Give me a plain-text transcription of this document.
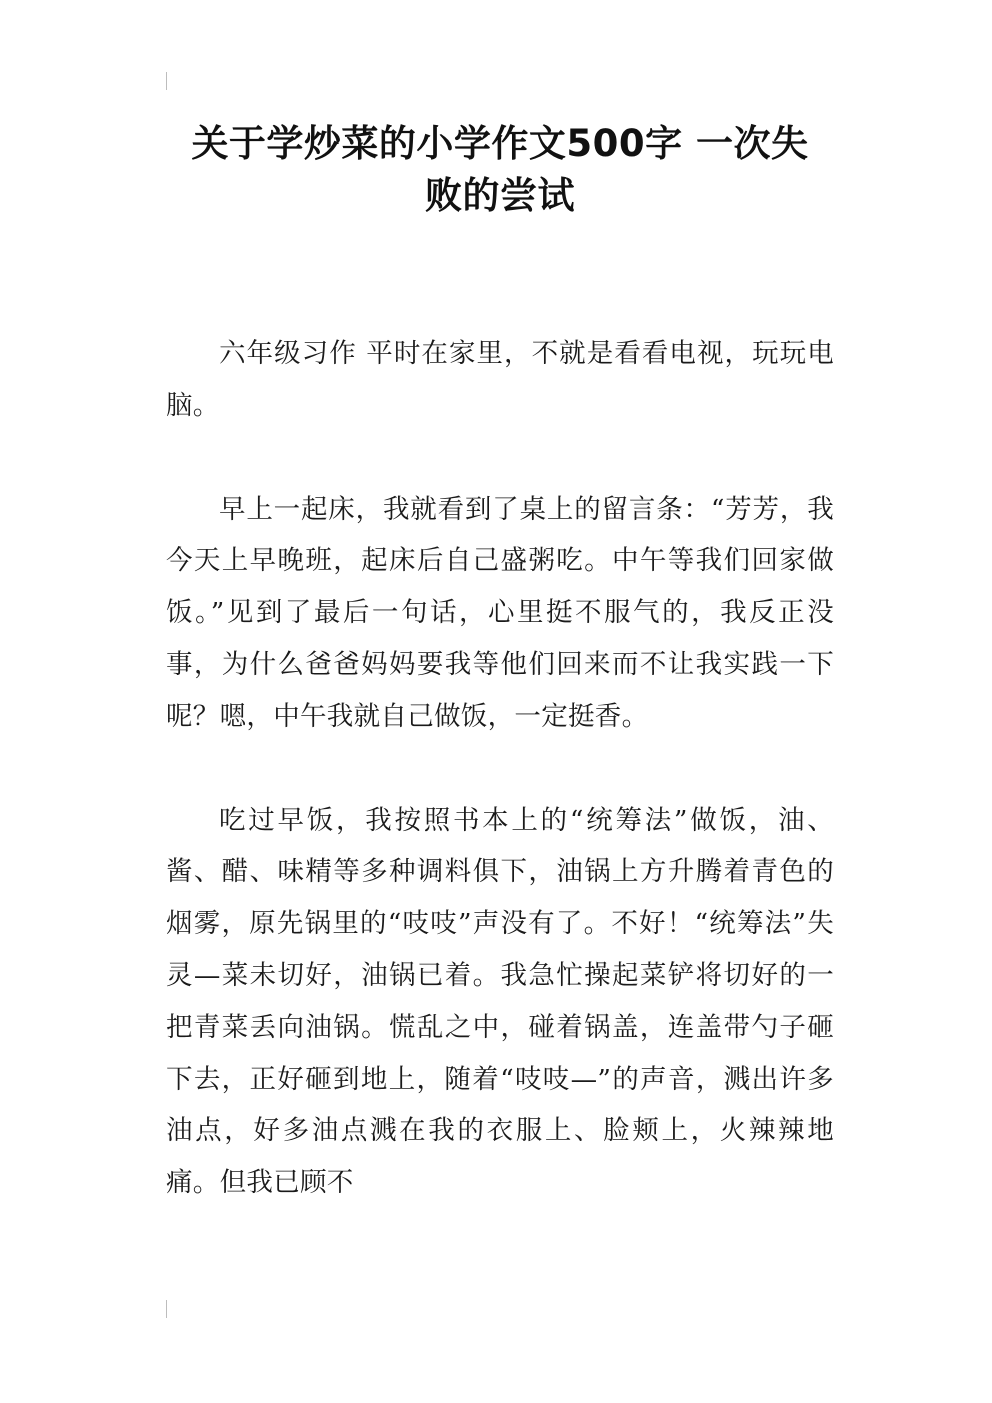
关于学炒菜的小学作文500字 一次失
败的尝试

六年级习作 平时在家里，不就是看看电视，玩玩电脑。

早上一起床，我就看到了桌上的留言条：“芳芳，我今天上早晚班，起床后自己盛粥吃。中午等我们回家做饭。”见到了最后一句话，心里挺不服气的，我反正没事，为什么爸爸妈妈要我等他们回来而不让我实践一下呢？嗯，中午我就自己做饭，一定挺香。

吃过早饭，我按照书本上的“统筹法”做饭，油、酱、醋、味精等多种调料俱下，油锅上方升腾着青色的烟雾，原先锅里的“吱吱”声没有了。不好！“统筹法”失灵—菜未切好，油锅已着。我急忙操起菜铲将切好的一把青菜丢向油锅。慌乱之中，碰着锅盖，连盖带勺子砸下去，正好砸到地上，随着“吱吱—”的声音，溅出许多油点，好多油点溅在我的衣服上、脸颊上，火辣辣地痛。但我已顾不
